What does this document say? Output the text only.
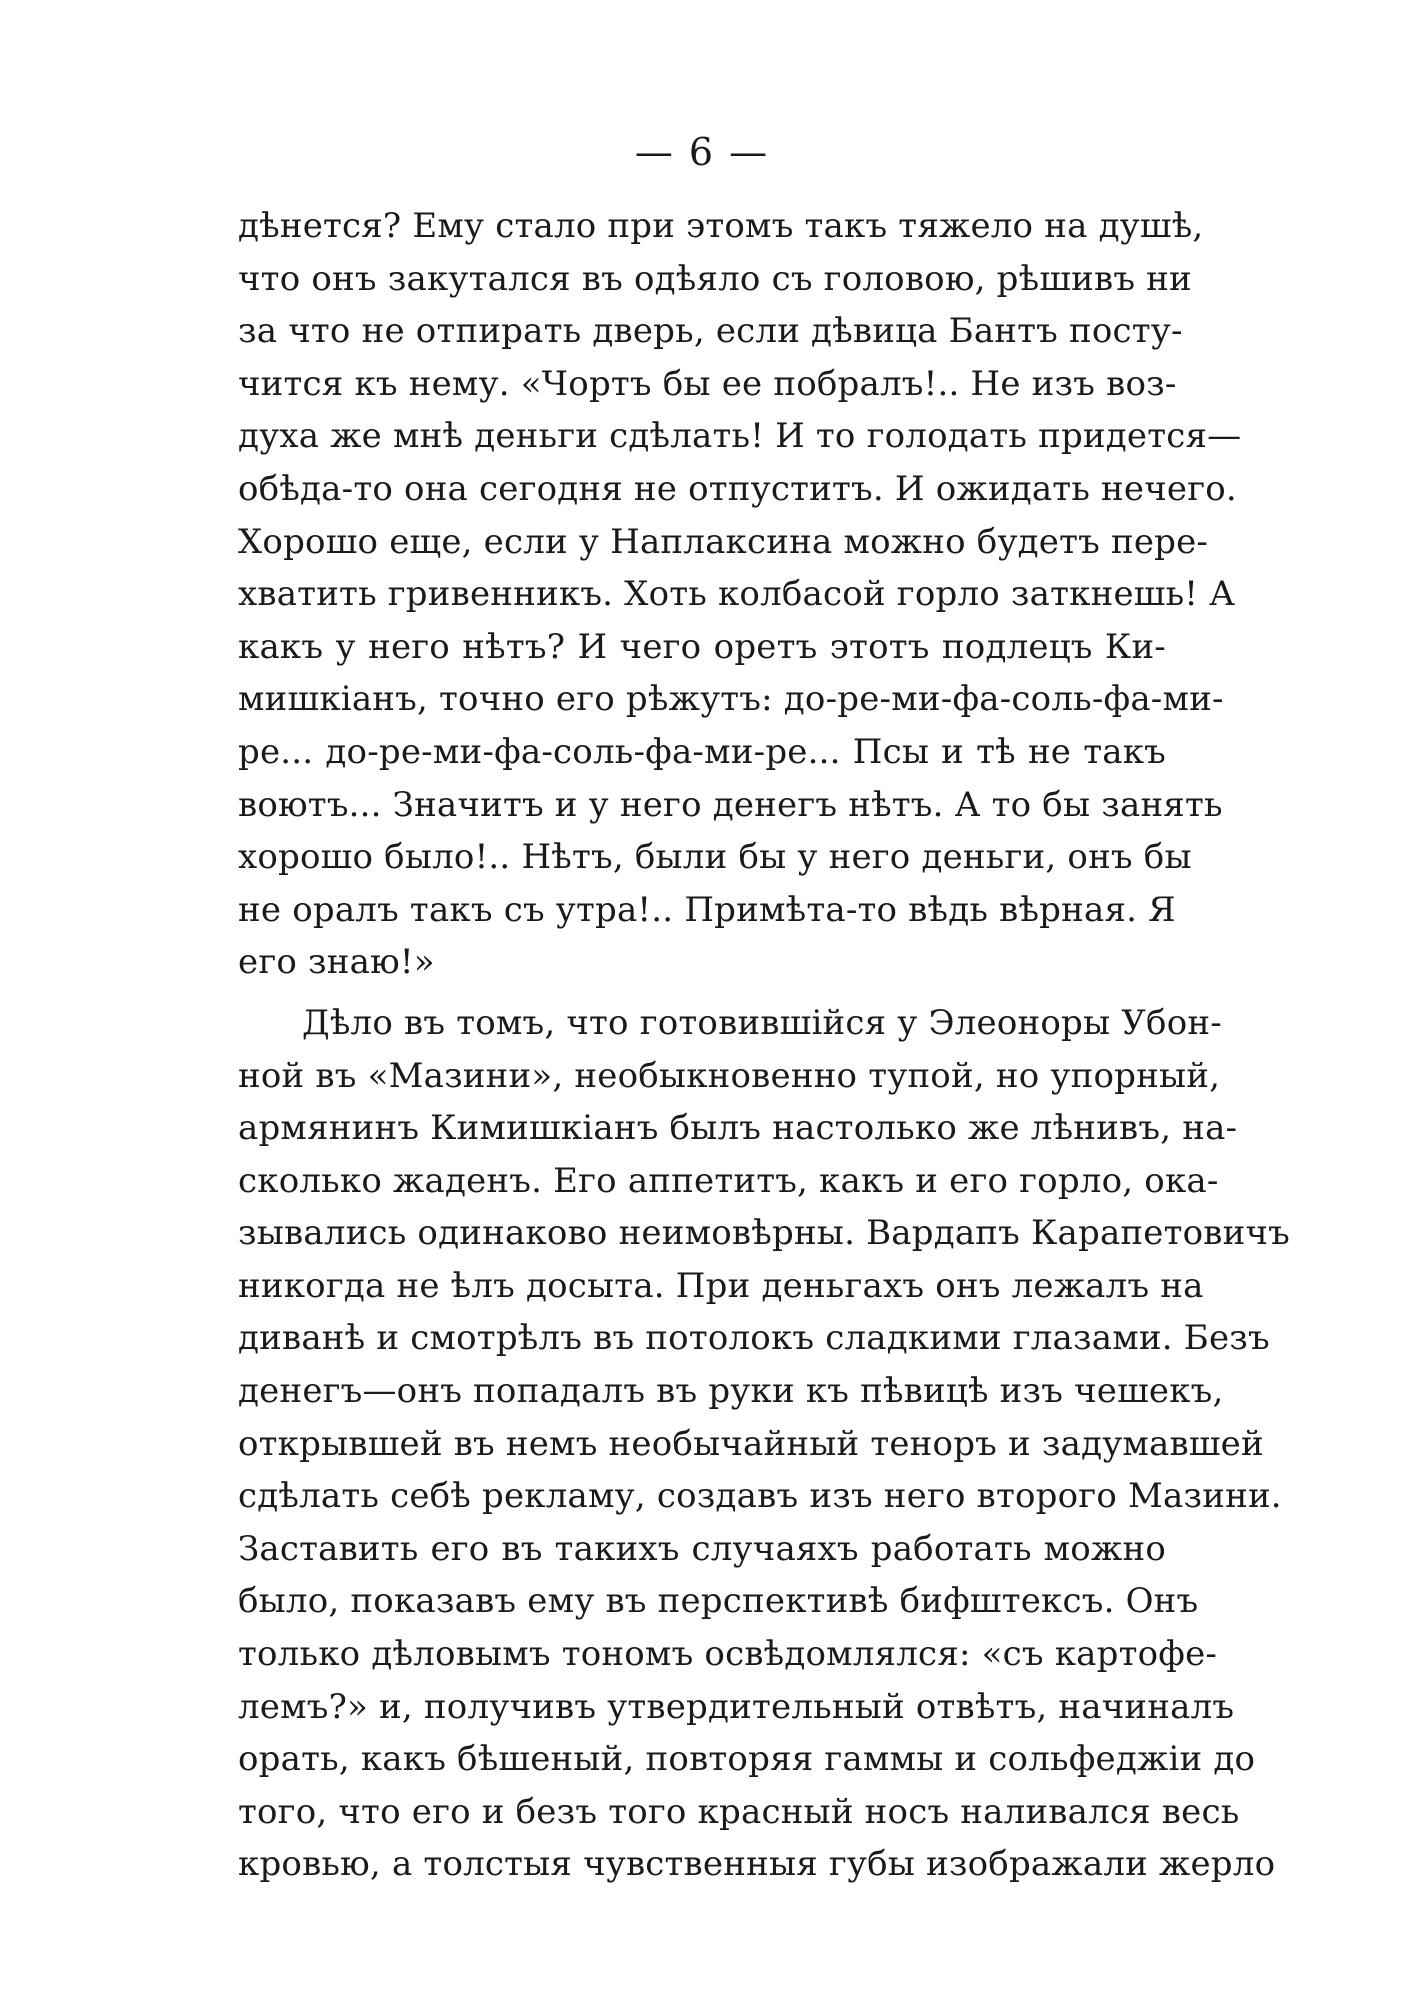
— 6 —
дѣнется? Ему стало при этомъ такъ тяжело на душѣ,
что онъ закутался въ одѣяло съ головою, рѣшивъ ни
за что не отпирать дверь, если дѣвица Бантъ посту-
чится къ нему. «Чортъ бы ее побралъ!.. Не изъ воз-
духа же мнѣ деньги сдѣлать! И то голодать придется—
обѣда-то она сегодня не отпуститъ. И ожидать нечего.
Хорошо еще, если у Наплаксина можно будетъ пере-
хватить гривенникъ. Хоть колбасой горло заткнешь! А
какъ у него нѣтъ? И чего оретъ этотъ подлецъ Ки-
мишкіанъ, точно его рѣжутъ: до-ре-ми-фа-соль-фа-ми-
ре... до-ре-ми-фа-соль-фа-ми-ре... Псы и тѣ не такъ
воютъ... Значитъ и у него денегъ нѣтъ. А то бы занять
хорошо было!.. Нѣтъ, были бы у него деньги, онъ бы
не оралъ такъ съ утра!.. Примѣта-то вѣдь вѣрная. Я
его знаю!»
Дѣло въ томъ, что готовившійся у Элеоноры Убон-
ной въ «Мазини», необыкновенно тупой, но упорный,
армянинъ Кимишкіанъ былъ настолько же лѣнивъ, на-
сколько жаденъ. Его аппетитъ, какъ и его горло, ока-
зывались одинаково неимовѣрны. Вардапъ Карапетовичъ
никогда не ѣлъ досыта. При деньгахъ онъ лежалъ на
диванѣ и смотрѣлъ въ потолокъ сладкими глазами. Безъ
денегъ—онъ попадалъ въ руки къ пѣвицѣ изъ чешекъ,
открывшей въ немъ необычайный теноръ и задумавшей
сдѣлать себѣ рекламу, создавъ изъ него второго Мазини.
Заставить его въ такихъ случаяхъ работать можно
было, показавъ ему въ перспективѣ бифштексъ. Онъ
только дѣловымъ тономъ освѣдомлялся: «съ картофе-
лемъ?» и, получивъ утвердительный отвѣтъ, начиналъ
орать, какъ бѣшеный, повторяя гаммы и сольфеджіи до
того, что его и безъ того красный носъ наливался весь
кровью, а толстыя чувственныя губы изображали жерло
